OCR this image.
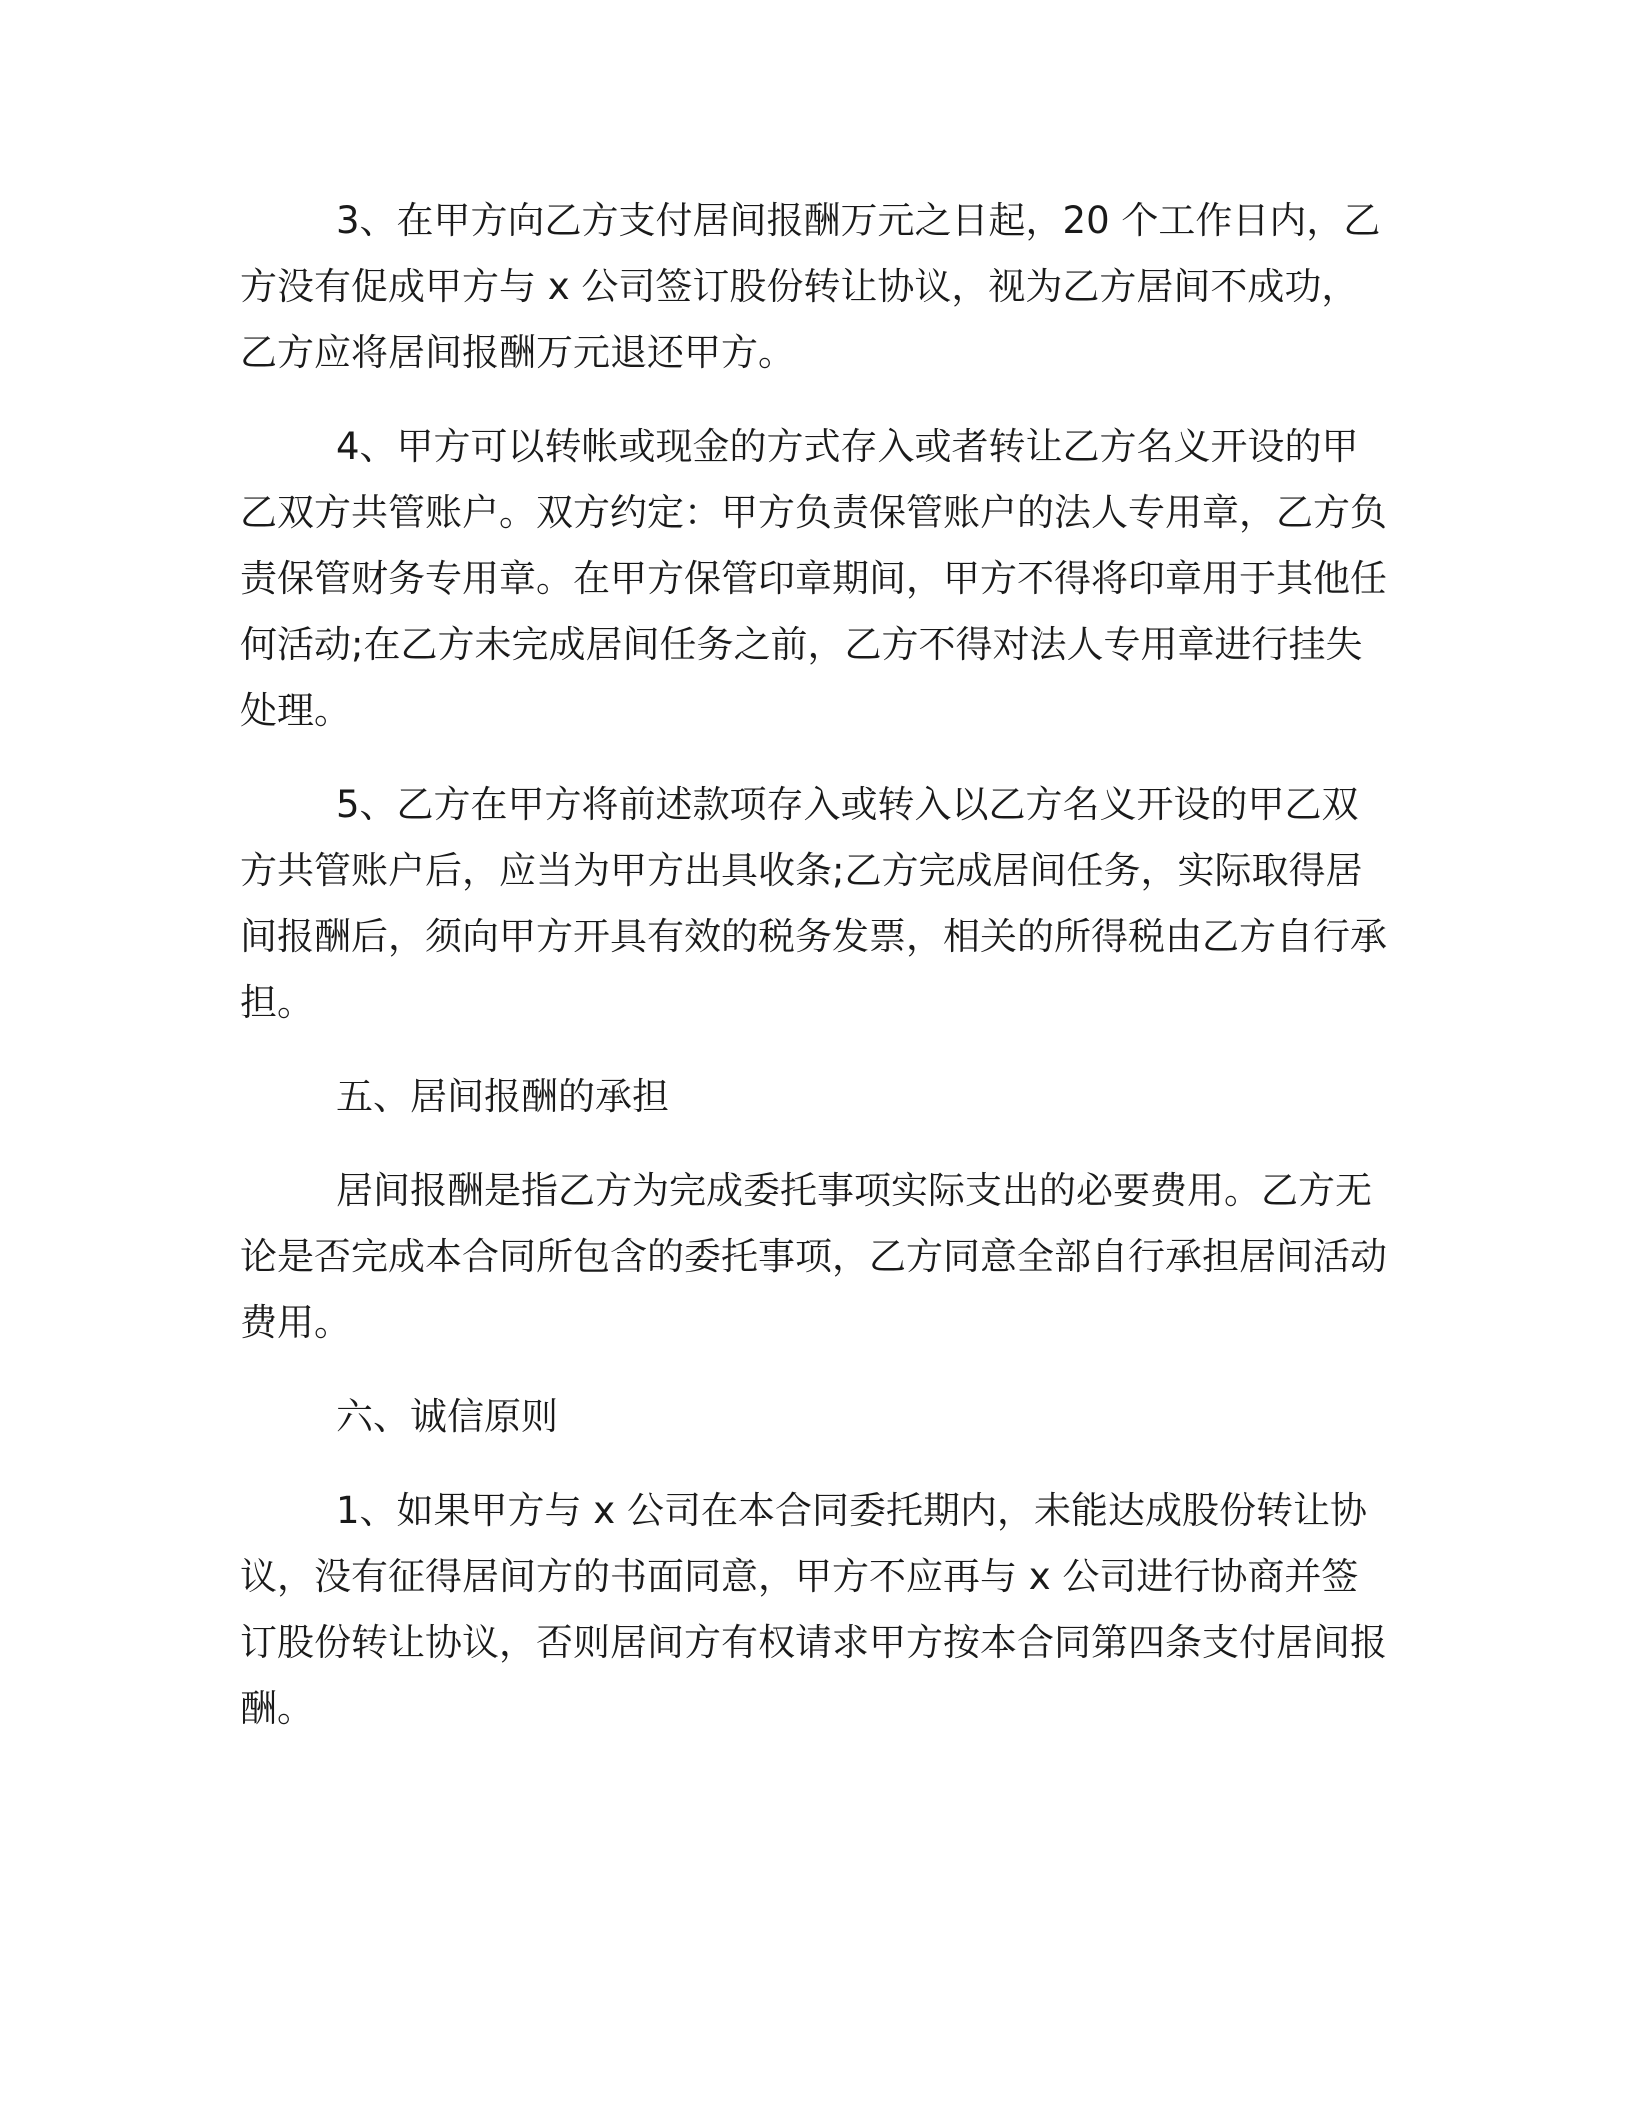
3、在甲方向乙方支付居间报酬万元之日起，20 个工作日内，乙方没有促成甲方与 x 公司签订股份转让协议，视为乙方居间不成功，乙方应将居间报酬万元退还甲方。

4、甲方可以转帐或现金的方式存入或者转让乙方名义开设的甲乙双方共管账户。双方约定：甲方负责保管账户的法人专用章，乙方负责保管财务专用章。在甲方保管印章期间，甲方不得将印章用于其他任何活动;在乙方未完成居间任务之前，乙方不得对法人专用章进行挂失处理。

5、乙方在甲方将前述款项存入或转入以乙方名义开设的甲乙双方共管账户后，应当为甲方出具收条;乙方完成居间任务，实际取得居间报酬后，须向甲方开具有效的税务发票，相关的所得税由乙方自行承担。

五、居间报酬的承担

居间报酬是指乙方为完成委托事项实际支出的必要费用。乙方无论是否完成本合同所包含的委托事项，乙方同意全部自行承担居间活动费用。

六、诚信原则

1、如果甲方与 x 公司在本合同委托期内，未能达成股份转让协议，没有征得居间方的书面同意，甲方不应再与 x 公司进行协商并签订股份转让协议，否则居间方有权请求甲方按本合同第四条支付居间报酬。
